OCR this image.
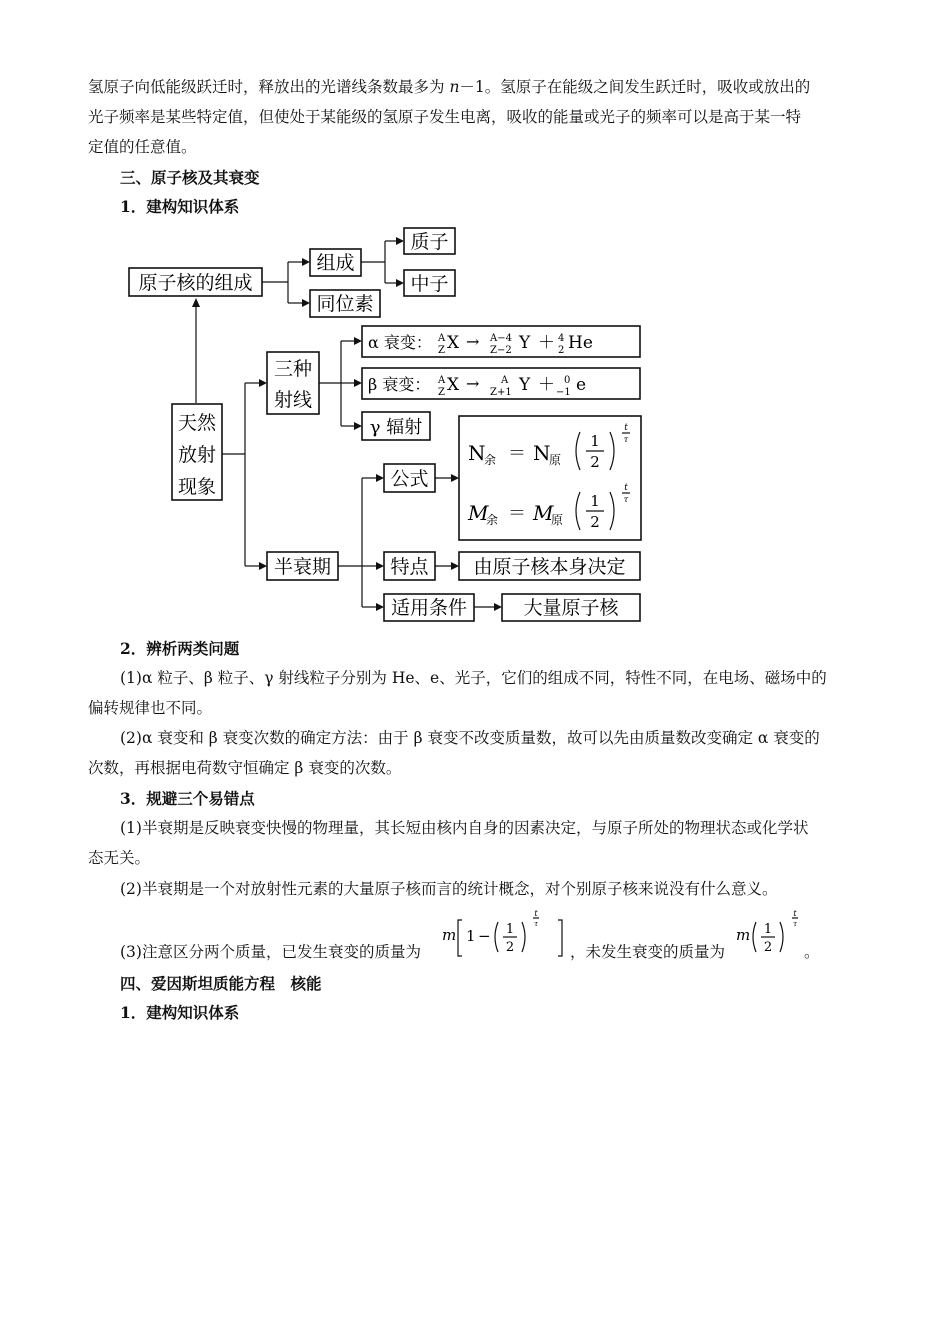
氢原子向低能级跃迁时，释放出的光谱线条数最多为 n－1。氢原子在能级之间发生跃迁时，吸收或放出的
光子频率是某些特定值，但使处于某能级的氢原子发生电离，吸收的能量或光子的频率可以是高于某一特
定值的任意值。
三、原子核及其衰变
1．建构知识体系
原子核的组成
组成
质子
中子
同位素
天然
放射
现象
三种
射线
α 衰变： A
Z X → A−4
Z−2 Y ＋ 4
2 He
β 衰变： A
Z X → A
Z+1 Y ＋ 0
−1 e
γ 辐射
半衰期
公式
特点
适用条件
由原子核本身决定
大量原子核
N
余 ＝ N
原
1
2
t
τ
M
余 ＝ M
原
1
2
t
τ
2．辨析两类问题
(1)α 粒子、β 粒子、γ 射线粒子分别为 He、e、光子，它们的组成不同，特性不同，在电场、磁场中的
偏转规律也不同。
(2)α 衰变和 β 衰变次数的确定方法：由于 β 衰变不改变质量数，故可以先由质量数改变确定 α 衰变的
次数，再根据电荷数守恒确定 β 衰变的次数。
3．规避三个易错点
(1)半衰期是反映衰变快慢的物理量，其长短由核内自身的因素决定，与原子所处的物理状态或化学状
态无关。
(2)半衰期是一个对放射性元素的大量原子核而言的统计概念，对个别原子核来说没有什么意义。
(3)注意区分两个质量，已发生衰变的质量为
m 1 − 1
2
t
τ
，未发生衰变的质量为
m 1
2
t
τ
。
四、爱因斯坦质能方程　核能
1．建构知识体系
